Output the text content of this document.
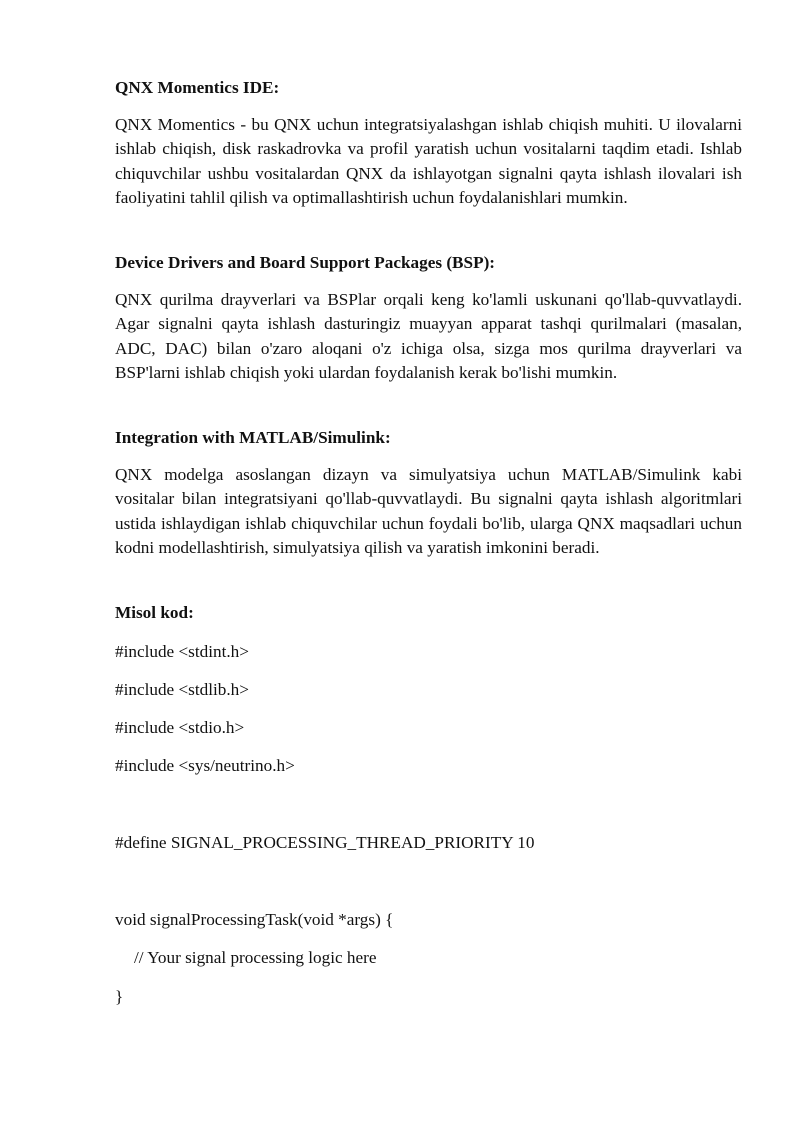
QNX Momentics IDE:

QNX Momentics - bu QNX uchun integratsiyalashgan ishlab chiqish muhiti. U ilovalarni ishlab chiqish, disk raskadrovka va profil yaratish uchun vositalarni taqdim etadi. Ishlab chiquvchilar ushbu vositalardan QNX da ishlayotgan signalni qayta ishlash ilovalari ish faoliyatini tahlil qilish va optimallashtirish uchun foydalanishlari mumkin.

Device Drivers and Board Support Packages (BSP):

QNX qurilma drayverlari va BSPlar orqali keng ko'lamli uskunani qo'llab-quvvatlaydi. Agar signalni qayta ishlash dasturingiz muayyan apparat tashqi qurilmalari (masalan, ADC, DAC) bilan o'zaro aloqani o'z ichiga olsa, sizga mos qurilma drayverlari va BSP'larni ishlab chiqish yoki ulardan foydalanish kerak bo'lishi mumkin.

Integration with MATLAB/Simulink:

QNX modelga asoslangan dizayn va simulyatsiya uchun MATLAB/Simulink kabi vositalar bilan integratsiyani qo'llab-quvvatlaydi. Bu signalni qayta ishlash algoritmlari ustida ishlaydigan ishlab chiquvchilar uchun foydali bo'lib, ularga QNX maqsadlari uchun kodni modellashtirish, simulyatsiya qilish va yaratish imkonini beradi.

Misol kod:

#include <stdint.h>

#include <stdlib.h>

#include <stdio.h>

#include <sys/neutrino.h>

#define SIGNAL_PROCESSING_THREAD_PRIORITY 10

void signalProcessingTask(void *args) {

// Your signal processing logic here

}
